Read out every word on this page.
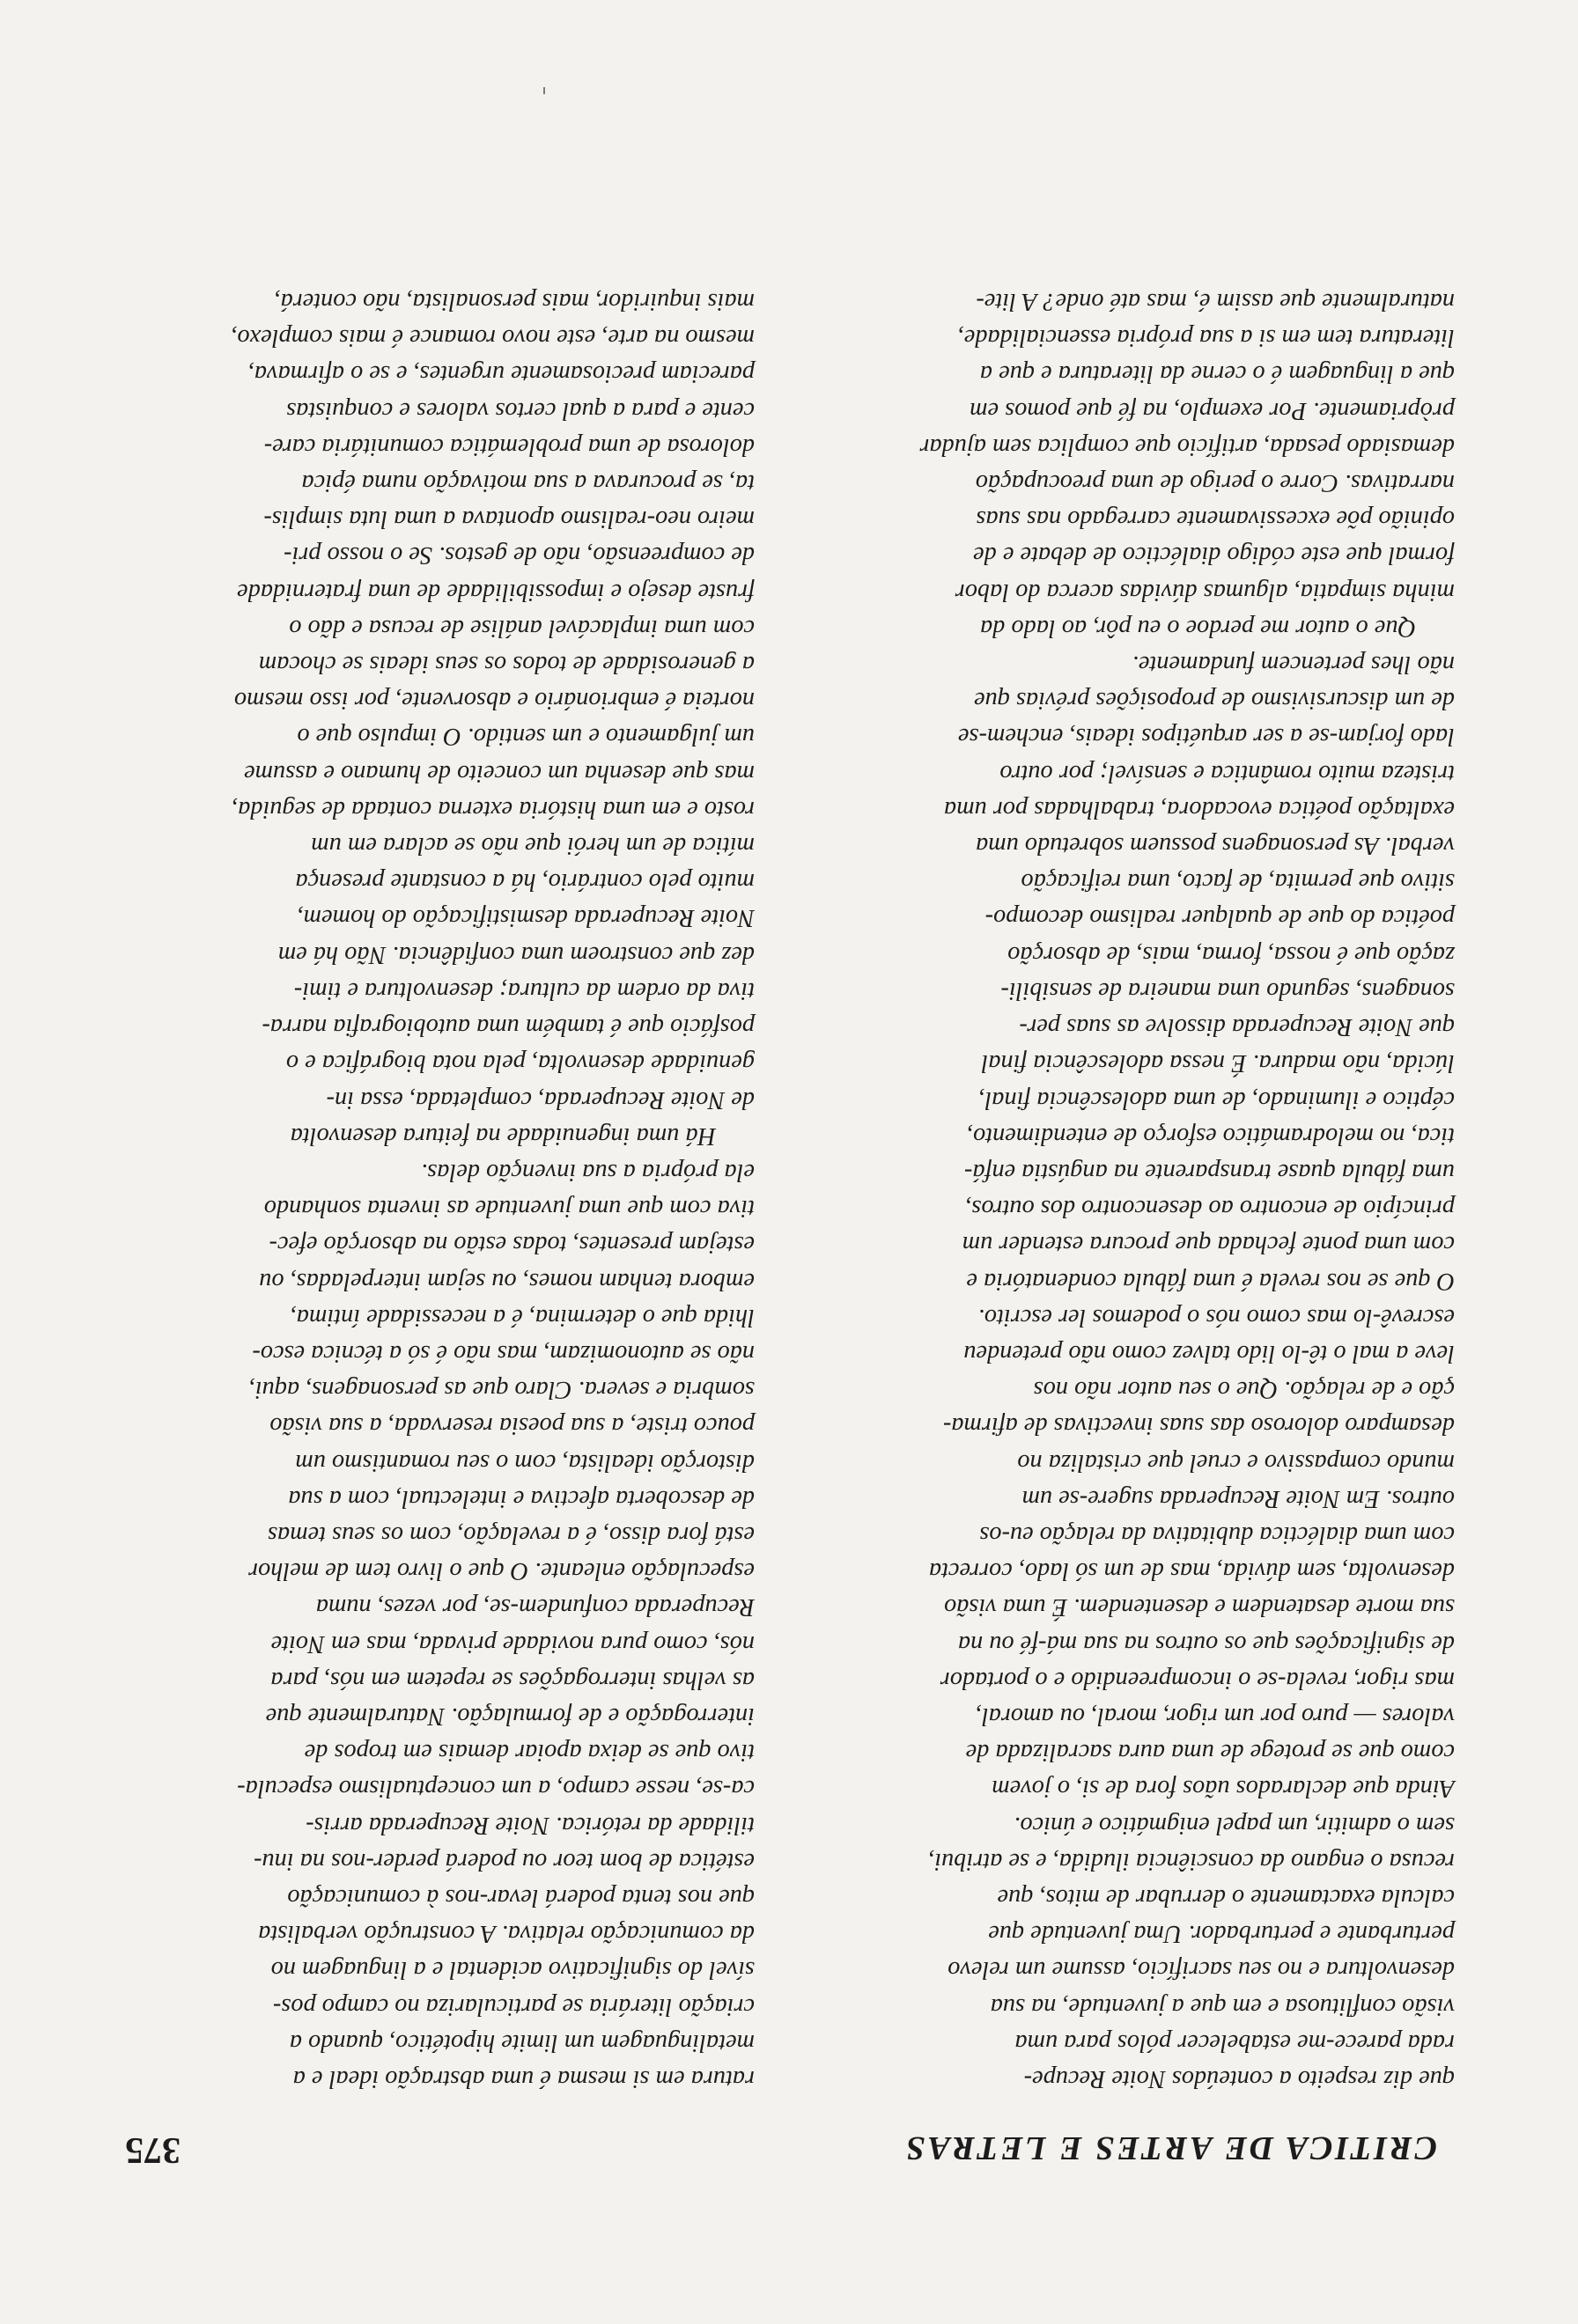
CRITICA DE ARTES E LETRAS
375
que diz respeito a conteúdos Noite Recupe-
rada parece-me estabelecer pólos para uma
visão conflituosa e em que a juventude, na sua
desenvoltura e no seu sacrifício, assume um relevo
perturbante e perturbador. Uma juventude que
calcula exactamente o derrubar de mitos, que
recusa o engano da consciência iludida, e se atribui,
sem o admitir, um papel enigmático e único.
Ainda que declarados uãos fora de si, o jovem
como que se protege de uma aura sacralizada de
valores — puro por um rigor, moral, ou amoral,
mas rigor, revela-se o incompreendido e o portador
de significações que os outros na sua má-fé ou na
sua morte desatendem e desentendem. É uma visão
desenvolta, sem dúvida, mas de um só lado, correcta
com uma dialéctica dubitativa da relação eu-os
outros. Em Noite Recuperada sugere-se um
mundo compassivo e cruel que cristaliza no
desamparo doloroso das suas invectivas de afirma-
ção e de relação. Que o seu autor não nos
leve a mal o tê-lo lido talvez como não pretendeu
escrevê-lo mas como nós o podemos ler escrito.
O que se nos revela é uma fábula condenatória e
com uma ponte fechada que procura estender um
princípio de encontro ao desencontro dos outros,
uma fábula quase transparente na angústia enfá-
tica, no melodramático esforço de entendimento,
céptico e iluminado, de uma adolescência final,
lúcida, não madura. É nessa adolescência final
que Noite Recuperada dissolve as suas per-
sonagens, segundo uma maneira de sensibili-
zação que é nossa, forma, mais, de absorção
poética do que de qualquer realismo decompo-
sitivo que permita, de facto, uma reificação
verbal. As personagens possuem sobretudo uma
exaltação poética evocadora, trabalhadas por uma
tristeza muito romântica e sensível; por outro
lado forjam-se a ser arquétipos ideais, enchem-se
de um discursivismo de proposições prévias que
não lhes pertencem fundamente.
Que o autor me perdoe o eu pôr, ao lado da
minha simpatia, algumas dúvidas acerca do labor
formal que este código dialéctico de debate e de
opinião põe excessivamente carregado nas suas
narrativas. Corre o perigo de uma preocupação
demasiado pesada, artifício que complica sem ajudar
pròpriamente. Por exemplo, na fé que pomos em
que a linguagem é o cerne da literatura e que a
literatura tem em si a sua própria essencialidade,
naturalmente que assim é, mas até onde? A lite-
ratura em si mesma é uma abstração ideal e a
metalinguagem um limite hipotético, quando a
criação literária se particulariza no campo pos-
sível do significativo acidental e a linguagem no
da comunicação relativa. A construção verbalista
que nos tenta poderá levar-nos à comunicação
estética de bom teor ou poderá perder-nos na inu-
tilidade da retórica. Noite Recuperada arris-
ca-se, nesse campo, a um conceptualismo especula-
tivo que se deixa apoiar demais em tropos de
interrogação e de formulação. Naturalmente que
as velhas interrogações se repetem em nós, para
nós, como pura novidade privada, mas em Noite
Recuperada confundem-se, por vezes, numa
especulação enleante. O que o livro tem de melhor
está fora disso, é a revelação, com os seus temas
de descoberta afectiva e intelectual, com a sua
distorção idealista, com o seu romantismo um
pouco triste, a sua poesia reservada, a sua visão
sombria e severa. Claro que as personagens, aqui,
não se autonomizam, mas não é só a técnica esco-
lhida que o determina, é a necessidade íntima,
embora tenham nomes, ou sejam interpeladas, ou
estejam presentes, todas estão na absorção efec-
tiva com que uma juventude as inventa sonhando
ela própria a sua invenção delas.
Há uma ingenuidade na feitura desenvolta
de Noite Recuperada, completada, essa in-
genuidade desenvolta, pela nota biográfica e o
posfácio que é também uma autobiografia narra-
tiva da ordem da cultura; desenvoltura e timi-
dez que constroem uma confidência. Não há em
Noite Recuperada desmistificação do homem,
muito pelo contrário, há a constante presença
mítica de um herói que não se aclara em um
rosto e em uma história externa contada de seguida,
mas que desenha um conceito de humano e assume
um julgamento e um sentido. O impulso que o
norteia é embrionário e absorvente, por isso mesmo
a generosidade de todos os seus ideais se chocam
com uma implacável análise de recusa e dão o
fruste desejo e impossibilidade de uma fraternidade
de compreensão, não de gestos. Se o nosso pri-
meiro neo-realismo apontava a uma luta simplis-
ta, se procurava a sua motivação numa épica
dolorosa de uma problemática comunitária care-
cente e para a qual certos valores e conquistas
pareciam preciosamente urgentes, e se o afirmava,
mesmo na arte, este novo romance é mais complexo,
mais inquiridor, mais personalista, não conterá,
